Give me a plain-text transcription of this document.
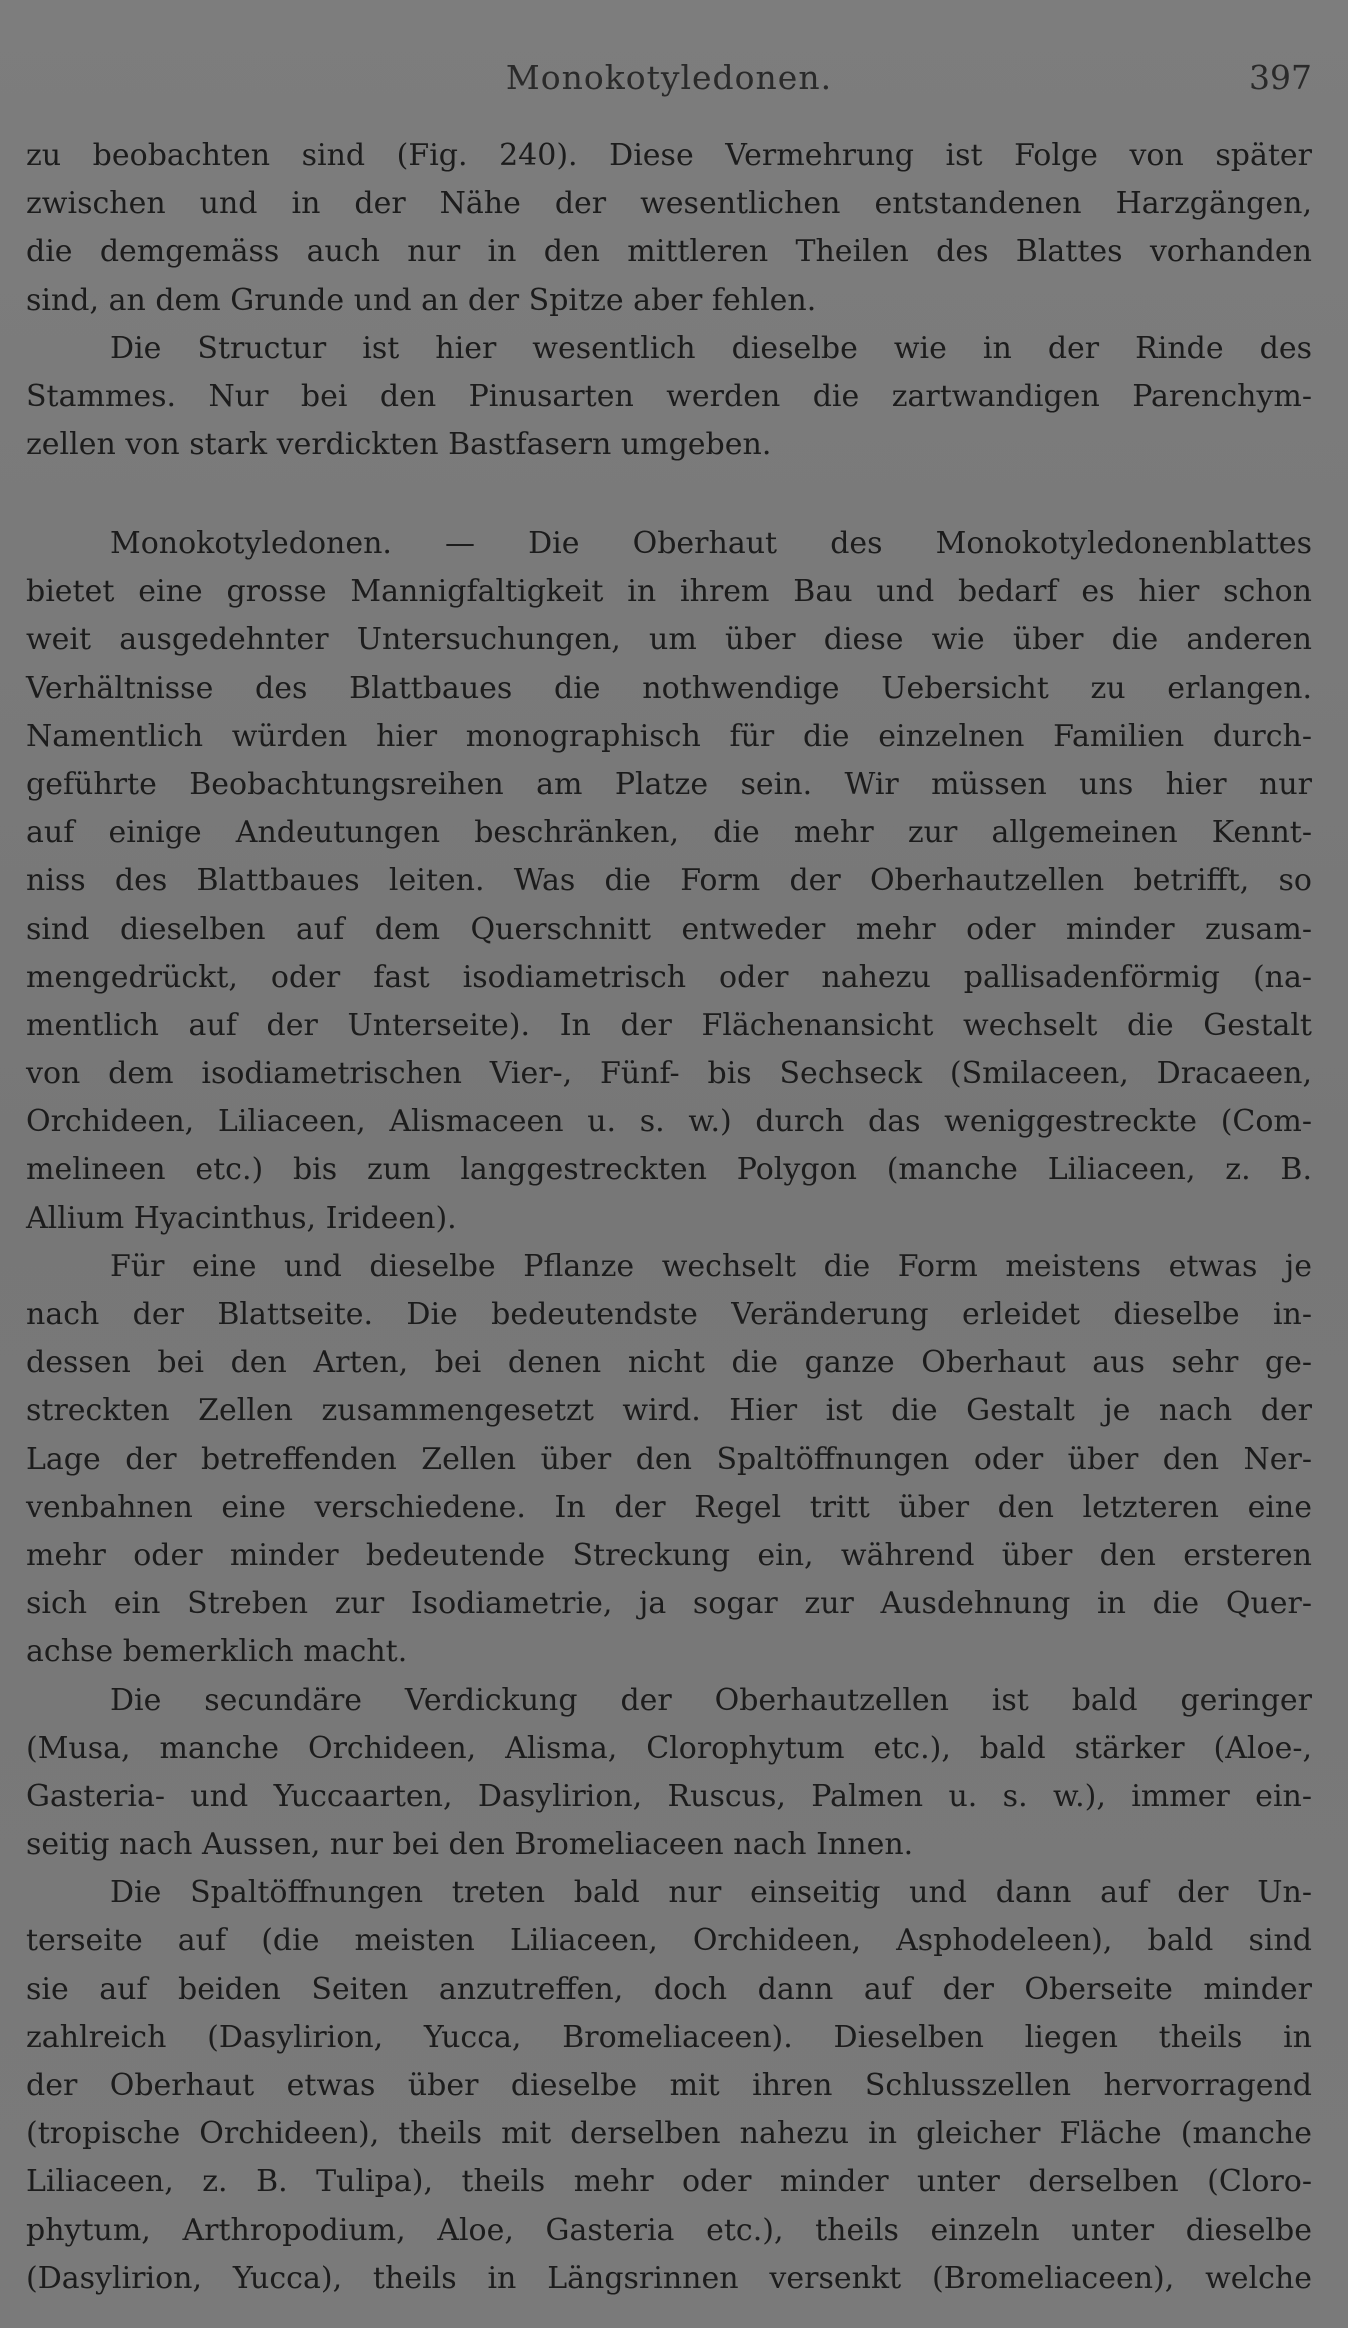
Monokotyledonen.	397
zu beobachten sind (Fig. 240). Diese Vermehrung ist Folge von später
zwischen und in der Nähe der wesentlichen entstandenen Harzgängen,
die demgemäss auch nur in den mittleren Theilen des Blattes vorhanden
sind, an dem Grunde und an der Spitze aber fehlen.
Die Structur ist hier wesentlich dieselbe wie in der Rinde des
Stammes. Nur bei den Pinusarten werden die zartwandigen Parenchym-
zellen von stark verdickten Bastfasern umgeben.
Monokotyledonen. — Die Oberhaut des Monokotyledonenblattes
bietet eine grosse Mannigfaltigkeit in ihrem Bau und bedarf es hier schon
weit ausgedehnter Untersuchungen, um über diese wie über die anderen
Verhältnisse des Blattbaues die nothwendige Uebersicht zu erlangen.
Namentlich würden hier monographisch für die einzelnen Familien durch-
geführte Beobachtungsreihen am Platze sein. Wir müssen uns hier nur
auf einige Andeutungen beschränken, die mehr zur allgemeinen Kennt-
niss des Blattbaues leiten. Was die Form der Oberhautzellen betrifft, so
sind dieselben auf dem Querschnitt entweder mehr oder minder zusam-
mengedrückt, oder fast isodiametrisch oder nahezu pallisadenförmig (na-
mentlich auf der Unterseite). In der Flächenansicht wechselt die Gestalt
von dem isodiametrischen Vier-, Fünf- bis Sechseck (Smilaceen, Dracaeen,
Orchideen, Liliaceen, Alismaceen u. s. w.) durch das weniggestreckte (Com-
melineen etc.) bis zum langgestreckten Polygon (manche Liliaceen, z. B.
Allium Hyacinthus, Irideen).
Für eine und dieselbe Pflanze wechselt die Form meistens etwas je
nach der Blattseite. Die bedeutendste Veränderung erleidet dieselbe in-
dessen bei den Arten, bei denen nicht die ganze Oberhaut aus sehr ge-
streckten Zellen zusammengesetzt wird. Hier ist die Gestalt je nach der
Lage der betreffenden Zellen über den Spaltöffnungen oder über den Ner-
venbahnen eine verschiedene. In der Regel tritt über den letzteren eine
mehr oder minder bedeutende Streckung ein, während über den ersteren
sich ein Streben zur Isodiametrie, ja sogar zur Ausdehnung in die Quer-
achse bemerklich macht.
Die secundäre Verdickung der Oberhautzellen ist bald geringer
(Musa, manche Orchideen, Alisma, Clorophytum etc.), bald stärker (Aloe-,
Gasteria- und Yuccaarten, Dasylirion, Ruscus, Palmen u. s. w.), immer ein-
seitig nach Aussen, nur bei den Bromeliaceen nach Innen.
Die Spaltöffnungen treten bald nur einseitig und dann auf der Un-
terseite auf (die meisten Liliaceen, Orchideen, Asphodeleen), bald sind
sie auf beiden Seiten anzutreffen, doch dann auf der Oberseite minder
zahlreich (Dasylirion, Yucca, Bromeliaceen). Dieselben liegen theils in
der Oberhaut etwas über dieselbe mit ihren Schlusszellen hervorragend
(tropische Orchideen), theils mit derselben nahezu in gleicher Fläche (manche
Liliaceen, z. B. Tulipa), theils mehr oder minder unter derselben (Cloro-
phytum, Arthropodium, Aloe, Gasteria etc.), theils einzeln unter dieselbe
(Dasylirion, Yucca), theils in Längsrinnen versenkt (Bromeliaceen), welche
